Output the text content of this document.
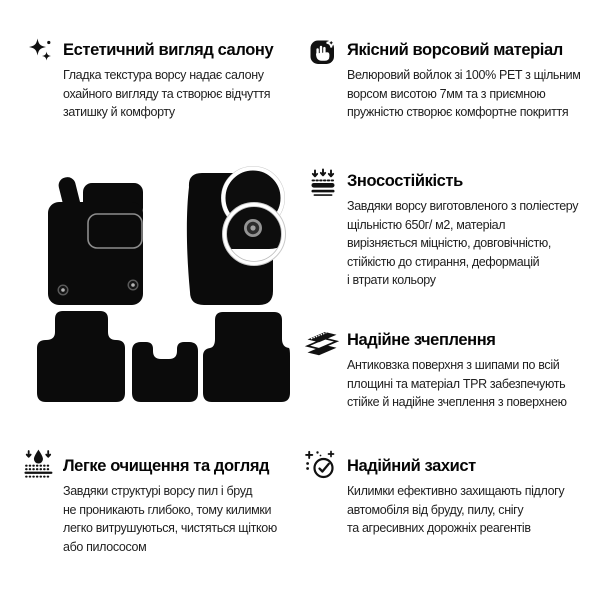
Естетичний вигляд салону
Гладка текстура ворсу надає салону
охайного вигляду та створює відчуття
затишку й комфорту
Якісний ворсовий матеріал
Велюровий войлок зі 100% PET з щільним
ворсом висотою 7мм та з приємною
пружністю створює комфортне покриття
Зносостійкість
Завдяки ворсу виготовленого з поліестеру
щільністю 650г/ м2, матеріал
вирізняється міцністю, довговічністю,
стійкістю до стирання, деформацій
і втрати кольору
Надійне зчеплення
Антиковзка поверхня з шипами по всій
площині та матеріал TPR забезпечують
стійке й надійне зчеплення з поверхнею
Легке очищення та догляд
Завдяки структурі ворсу пил і бруд
не проникають глибоко, тому килимки
легко витрушуються, чистяться щіткою
або пилососом
Надійний захист
Килимки ефективно захищають підлогу
автомобіля від бруду, пилу, снігу
та агресивних дорожніх реагентів
